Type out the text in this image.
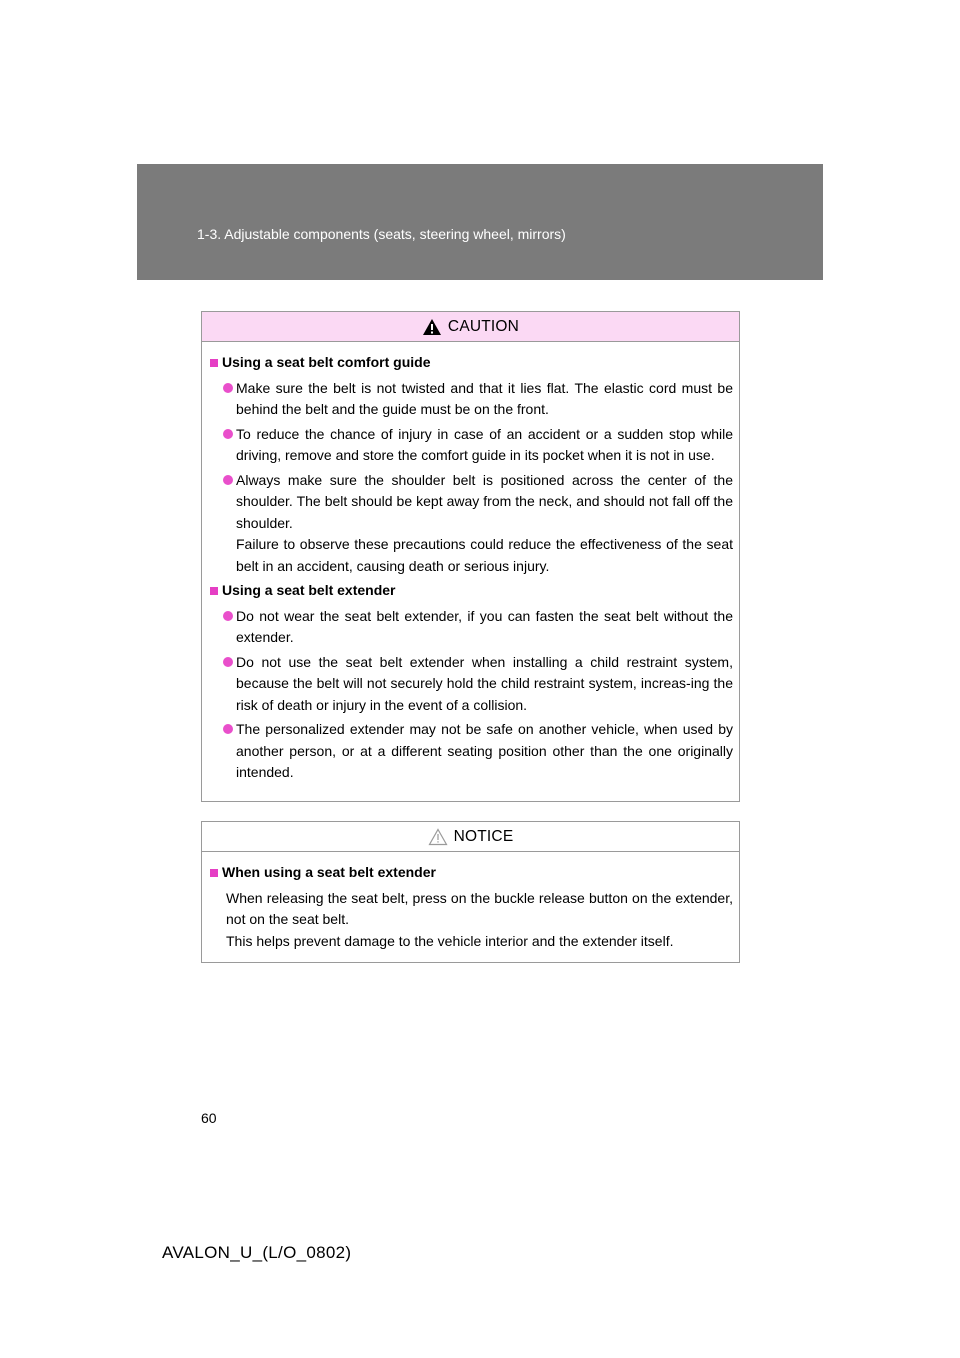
1-3. Adjustable components (seats, steering wheel, mirrors)
CAUTION
Using a seat belt comfort guide
Make sure the belt is not twisted and that it lies flat. The elastic cord must be behind the belt and the guide must be on the front.
To reduce the chance of injury in case of an accident or a sudden stop while driving, remove and store the comfort guide in its pocket when it is not in use.
Always make sure the shoulder belt is positioned across the center of the shoulder. The belt should be kept away from the neck, and should not fall off the shoulder.
Failure to observe these precautions could reduce the effectiveness of the seat belt in an accident, causing death or serious injury.
Using a seat belt extender
Do not wear the seat belt extender, if you can fasten the seat belt without the extender.
Do not use the seat belt extender when installing a child restraint system, because the belt will not securely hold the child restraint system, increas-ing the risk of death or injury in the event of a collision.
The personalized extender may not be safe on another vehicle, when used by another person, or at a different seating position other than the one originally intended.
NOTICE
When using a seat belt extender
When releasing the seat belt, press on the buckle release button on the extender, not on the seat belt.
This helps prevent damage to the vehicle interior and the extender itself.
60
AVALON_U_(L/O_0802)
